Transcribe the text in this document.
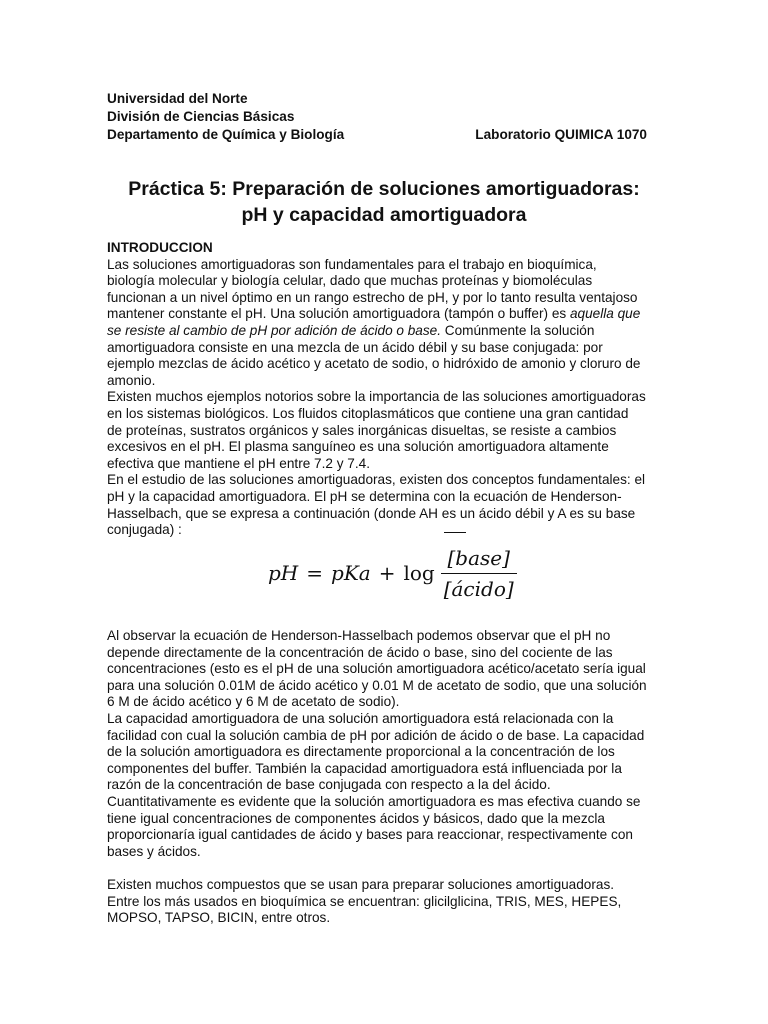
Universidad del Norte
División de Ciencias Básicas
Departamento de Química y Biología	Laboratorio QUIMICA 1070
Práctica 5: Preparación de soluciones amortiguadoras:
pH y capacidad amortiguadora

INTRODUCCION

Las soluciones amortiguadoras son fundamentales para el trabajo en bioquímica, biología molecular y biología celular, dado que muchas proteínas y biomoléculas funcionan a un nivel óptimo en un rango estrecho de pH, y por lo tanto resulta ventajoso mantener constante el pH. Una solución amortiguadora (tampón o buffer) es aquella que se resiste al cambio de pH por adición de ácido o base. Comúnmente la solución amortiguadora consiste en una mezcla de un ácido débil y su base conjugada: por ejemplo mezclas de ácido acético y acetato de sodio, o hidróxido de amonio y cloruro de amonio.

Existen muchos ejemplos notorios sobre la importancia de las soluciones amortiguadoras en los sistemas biológicos. Los fluidos citoplasmáticos que contiene una gran cantidad de proteínas, sustratos orgánicos y sales inorgánicas disueltas, se resiste a cambios excesivos en el pH. El plasma sanguíneo es una solución amortiguadora altamente efectiva que mantiene el pH entre 7.2 y 7.4.

En el estudio de las soluciones amortiguadoras, existen dos conceptos fundamentales: el pH y la capacidad amortiguadora. El pH se determina con la ecuación de Henderson-Hasselbach, que se expresa a continuación (donde AH es un ácido débil y A es su base conjugada) :

pH = pKa + $\log \frac{\text{[base]}}{\text{[ácido]}}$

Al observar la ecuación de Henderson-Hasselbach podemos observar que el pH no depende directamente de la concentración de ácido o base, sino del cociente de las concentraciones (esto es el pH de una solución amortiguadora acético/acetato sería igual para una solución 0.01M de ácido acético y 0.01 M de acetato de sodio, que una solución 6 M de ácido acético y 6 M de acetato de sodio).

La capacidad amortiguadora de una solución amortiguadora está relacionada con la facilidad con cual la solución cambia de pH por adición de ácido o de base. La capacidad de la solución amortiguadora es directamente proporcional a la concentración de los componentes del buffer. También la capacidad amortiguadora está influenciada por la razón de la concentración de base conjugada con respecto a la del ácido.

Cuantitativamente es evidente que la solución amortiguadora es mas efectiva cuando se tiene igual concentraciones de componentes ácidos y básicos, dado que la mezcla proporcionaría igual cantidades de ácido y bases para reaccionar, respectivamente con bases y ácidos.

Existen muchos compuestos que se usan para preparar soluciones amortiguadoras. Entre los más usados en bioquímica se encuentran: glicilglicina, TRIS, MES, HEPES, MOPSO, TAPSO, BICIN, entre otros.
